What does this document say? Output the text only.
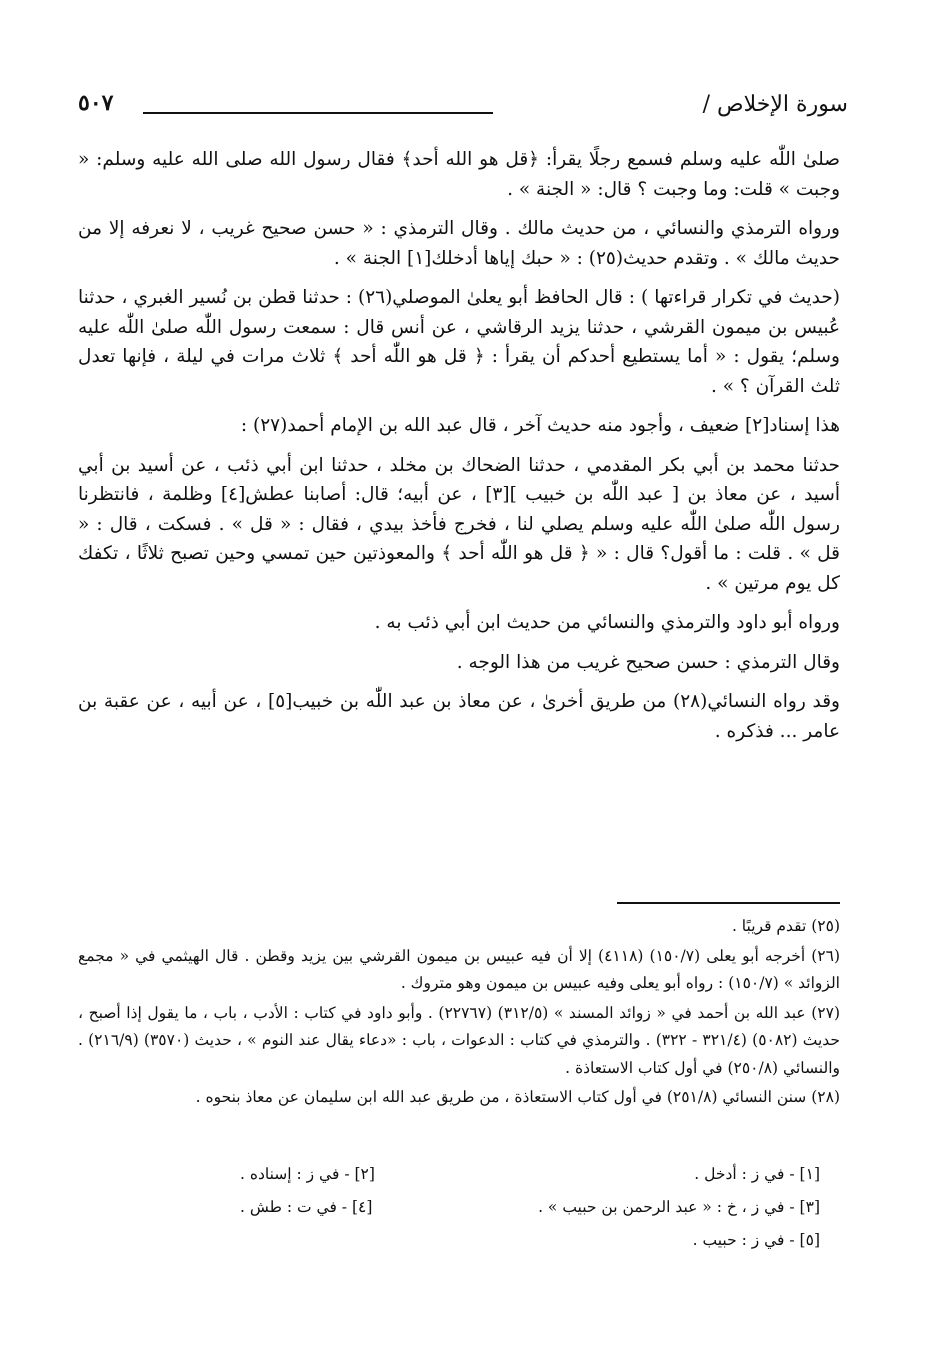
سورة الإخلاص /
٥٠٧

صلىٰ اللّٰه عليه وسلم فسمع رجلًا يقرأ: ﴿قل هو الله أحد﴾ فقال رسول الله صلى الله عليه وسلم: « وجبت » قلت: وما وجبت ؟ قال: « الجنة » .

ورواه الترمذي والنسائي ، من حديث مالك . وقال الترمذي : « حسن صحيح غريب ، لا نعرفه إلا من حديث مالك » . وتقدم حديث(٢٥) : « حبك إياها أدخلك[١] الجنة » .

(حديث في تكرار قراءتها ) : قال الحافظ أبو يعلىٰ الموصلي(٢٦) : حدثنا قطن بن نُسير الغبري ، حدثنا عُبيس بن ميمون القرشي ، حدثنا يزيد الرقاشي ، عن أنس قال : سمعت رسول اللّٰه صلىٰ اللّٰه عليه وسلم؛ يقول : « أما يستطيع أحدكم أن يقرأ : ﴿ قل هو اللّٰه أحد ﴾ ثلاث مرات في ليلة ، فإنها تعدل ثلث القرآن ؟ » .

هذا إسناد[٢] ضعيف ، وأجود منه حديث آخر ، قال عبد الله بن الإمام أحمد(٢٧) :

حدثنا محمد بن أبي بكر المقدمي ، حدثنا الضحاك بن مخلد ، حدثنا ابن أبي ذئب ، عن أسيد بن أبي أسيد ، عن معاذ بن [ عبد اللّٰه بن خبيب ][٣] ، عن أبيه؛ قال: أصابنا عطش[٤] وظلمة ، فانتظرنا رسول اللّٰه صلىٰ اللّٰه عليه وسلم يصلي لنا ، فخرج فأخذ بيدي ، فقال : « قل » . فسكت ، قال : « قل » . قلت : ما أقول؟ قال : « ﴿ قل هو اللّٰه أحد ﴾ والمعوذتين حين تمسي وحين تصبح ثلاثًا ، تكفك كل يوم مرتين » .

ورواه أبو داود والترمذي والنسائي من حديث ابن أبي ذئب به .

وقال الترمذي : حسن صحيح غريب من هذا الوجه .

وقد رواه النسائي(٢٨) من طريق أخرىٰ ، عن معاذ بن عبد اللّٰه بن خبيب[٥] ، عن أبيه ، عن عقبة بن عامر ... فذكره .

(٢٥) تقدم قريبًا .

(٢٦) أخرجه أبو يعلى (١٥٠/٧) (٤١١٨) إلا أن فيه عبيس بن ميمون القرشي بين يزيد وقطن . قال الهيثمي في « مجمع الزوائد » (١٥٠/٧) : رواه أبو يعلى وفيه عبيس بن ميمون وهو متروك .

(٢٧) عبد الله بن أحمد في « زوائد المسند » (٣١٢/٥) (٢٢٧٦٧) . وأبو داود في كتاب : الأدب ، باب ، ما يقول إذا أصبح ، حديث (٥٠٨٢) (٣٢١/٤ - ٣٢٢) . والترمذي في كتاب : الدعوات ، باب : «دعاء يقال عند النوم » ، حديث (٣٥٧٠) (٢١٦/٩) . والنسائي (٢٥٠/٨) في أول كتاب الاستعاذة .

(٢٨) سنن النسائي (٢٥١/٨) في أول كتاب الاستعاذة ، من طريق عبد الله ابن سليمان عن معاذ بنحوه .

[١] - في ز : أدخل .
[٢] - في ز : إسناده .
[٣] - في ز ، خ : « عبد الرحمن بن حبيب » .
[٤] - في ت : طش .
[٥] - في ز : حبيب .
